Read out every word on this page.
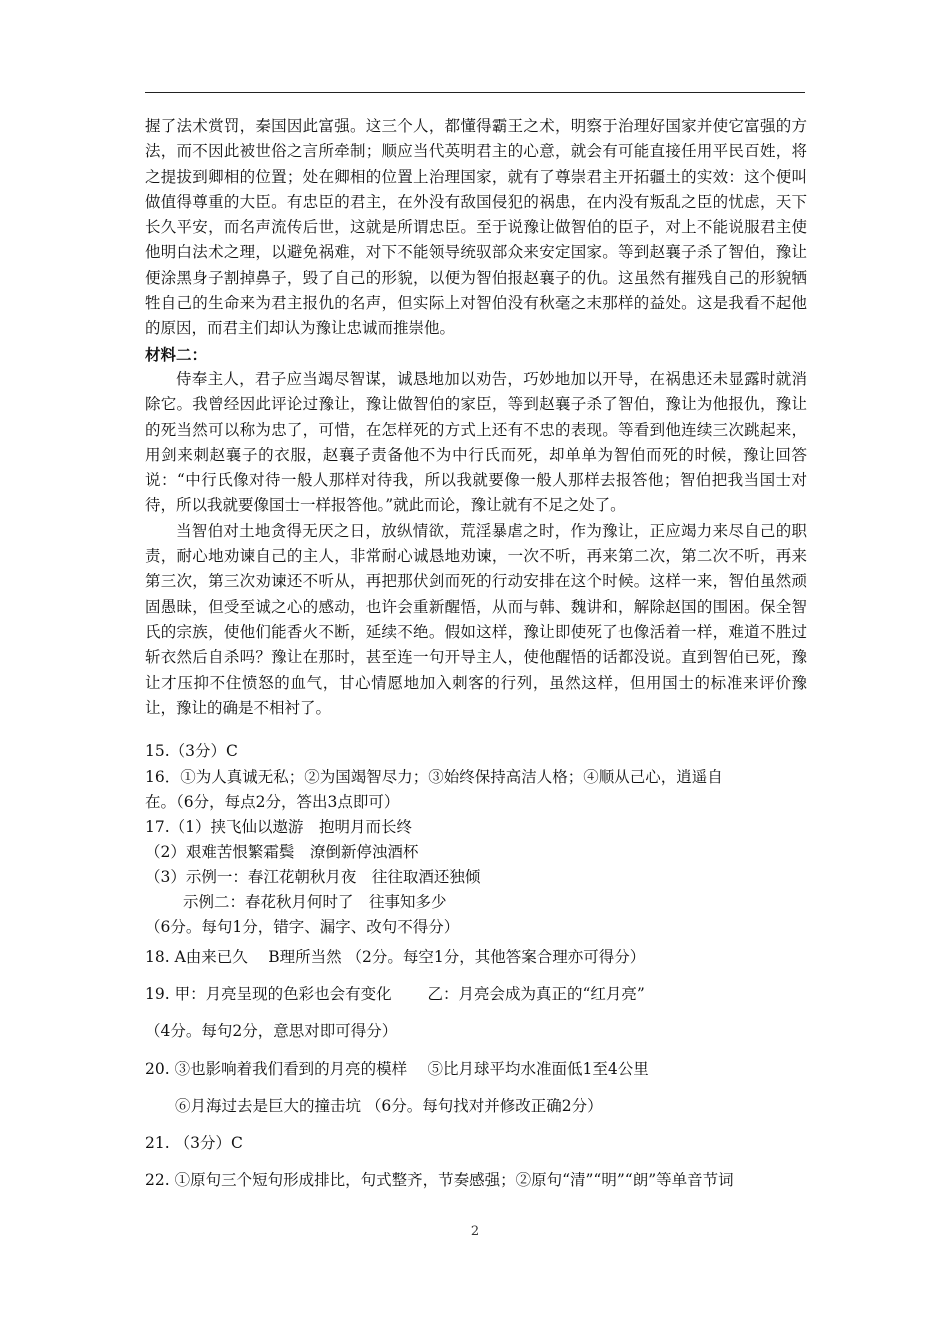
握了法术赏罚，秦国因此富强。这三个人，都懂得霸王之术，明察于治理好国家并使它富强的方法，而不因此被世俗之言所牵制；顺应当代英明君主的心意，就会有可能直接任用平民百姓，将之提拔到卿相的位置；处在卿相的位置上治理国家，就有了尊崇君主开拓疆土的实效：这个便叫做值得尊重的大臣。有忠臣的君主，在外没有敌国侵犯的祸患，在内没有叛乱之臣的忧虑，天下长久平安，而名声流传后世，这就是所谓忠臣。至于说豫让做智伯的臣子，对上不能说服君主使他明白法术之理，以避免祸难，对下不能领导统驭部众来安定国家。等到赵襄子杀了智伯，豫让便涂黑身子割掉鼻子，毁了自己的形貌，以便为智伯报赵襄子的仇。这虽然有摧残自己的形貌牺牲自己的生命来为君主报仇的名声，但实际上对智伯没有秋毫之末那样的益处。这是我看不起他的原因，而君主们却认为豫让忠诚而推崇他。

材料二：

侍奉主人，君子应当竭尽智谋，诚恳地加以劝告，巧妙地加以开导，在祸患还未显露时就消除它。我曾经因此评论过豫让，豫让做智伯的家臣，等到赵襄子杀了智伯，豫让为他报仇，豫让的死当然可以称为忠了，可惜，在怎样死的方式上还有不忠的表现。等看到他连续三次跳起来，用剑来刺赵襄子的衣服，赵襄子责备他不为中行氏而死，却单单为智伯而死的时候，豫让回答说：“中行氏像对待一般人那样对待我，所以我就要像一般人那样去报答他；智伯把我当国士对待，所以我就要像国士一样报答他。”就此而论，豫让就有不足之处了。

当智伯对土地贪得无厌之日，放纵情欲，荒淫暴虐之时，作为豫让，正应竭力来尽自己的职责，耐心地劝谏自己的主人，非常耐心诚恳地劝谏，一次不听，再来第二次，第二次不听，再来第三次，第三次劝谏还不听从，再把那伏剑而死的行动安排在这个时候。这样一来，智伯虽然顽固愚昧，但受至诚之心的感动，也许会重新醒悟，从而与韩、魏讲和，解除赵国的围困。保全智氏的宗族，使他们能香火不断，延续不绝。假如这样，豫让即使死了也像活着一样，难道不胜过斩衣然后自杀吗？豫让在那时，甚至连一句开导主人，使他醒悟的话都没说。直到智伯已死，豫让才压抑不住愤怒的血气，甘心情愿地加入刺客的行列，虽然这样，但用国士的标准来评价豫让，豫让的确是不相衬了。

15.（3分）C
16．①为人真诚无私；②为国竭智尽力；③始终保持高洁人格；④顺从己心，逍遥自
在。（6分，每点2分，答出3点即可）
17.（1）挟飞仙以遨游　抱明月而长终
（2）艰难苦恨繁霜鬓　潦倒新停浊酒杯
（3）示例一：春江花朝秋月夜　往往取酒还独倾
示例二：春花秋月何时了　往事知多少
（6分。每句1分，错字、漏字、改句不得分）
18. A由来已久　 B理所当然 （2分。每空1分，其他答案合理亦可得分）
19. 甲：月亮呈现的色彩也会有变化　　 乙：月亮会成为真正的“红月亮”
（4分。每句2分，意思对即可得分）
20. ③也影响着我们看到的月亮的模样　 ⑤比月球平均水准面低1至4公里
⑥月海过去是巨大的撞击坑 （6分。每句找对并修改正确2分）
21. （3分）C
22. ①原句三个短句形成排比，句式整齐，节奏感强；②原句“清”“明”“朗”等单音节词
2
